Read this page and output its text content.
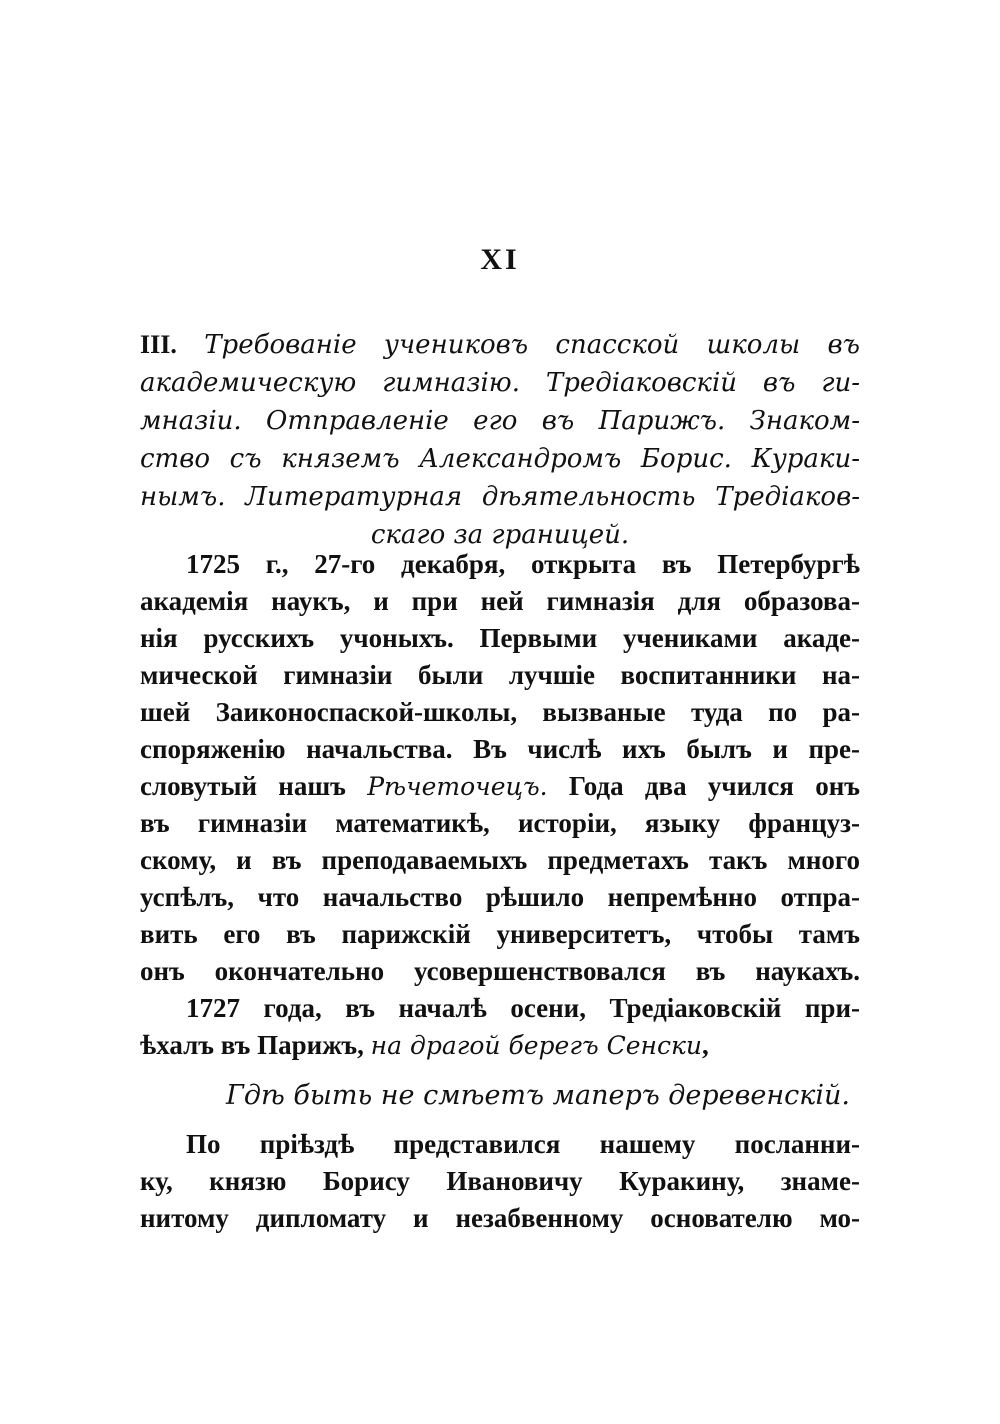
XI
III. Требованіе учениковъ спасской школы въ
академическую гимназію. Тредіаковскій въ ги-
мназіи. Отправленіе его въ Парижъ. Знаком-
ство съ княземъ Александромъ Борис. Кураки-
нымъ. Литературная дѣятельность Тредіаков-
скаго за границей.
1725 г., 27-го декабря, открыта въ Петербургѣ
академія наукъ, и при ней гимназія для образова-
нія русскихъ учоныхъ. Первыми учениками акаде-
мической гимназіи были лучшіе воспитанники на-
шей Заиконоспаской-школы, вызваные туда по ра-
споряженію начальства. Въ числѣ ихъ былъ и пре-
словутый нашъ Рѣчеточецъ. Года два учился онъ
въ гимназіи математикѣ, исторіи, языку француз-
скому, и въ преподаваемыхъ предметахъ такъ много
успѣлъ, что начальство рѣшило непремѣнно отпра-
вить его въ парижскій университетъ, чтобы тамъ
онъ окончательно усовершенствовался въ наукахъ.
1727 года, въ началѣ осени, Тредіаковскій при-
ѣхалъ въ Парижъ, на драгой берегъ Сенски,
Гдѣ быть не смѣетъ маперъ деревенскій.
По пріѣздѣ представился нашему посланни-
ку, князю Борису Ивановичу Куракину, знаме-
нитому дипломату и незабвенному основателю мо-
